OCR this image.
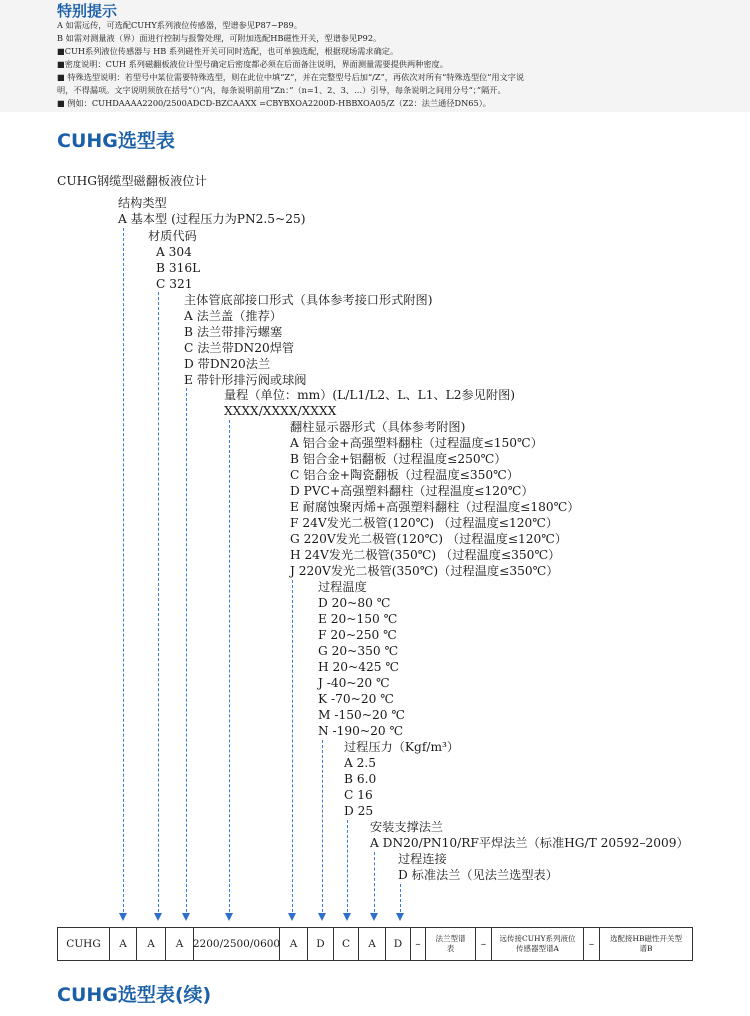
特别提示
A 如需远传，可选配CUHY系列液位传感器，型谱参见P87~P89。
B 如需对测量液（界）面进行控制与报警处理，可附加选配HB磁性开关，型谱参见P92。
■CUH系列液位传感器与 HB 系列磁性开关可同时选配，也可单独选配，根据现场需求确定。
■密度说明：CUH 系列磁翻板液位计型号确定后密度都必须在后面备注说明，界面测量需要提供两种密度。
■ 特殊选型说明：若型号中某位需要特殊选型，则在此位中填“Z”，并在完整型号后加“/Z”，再依次对所有“特殊选型位”用文字说
明，不得漏项。文字说明须放在括号“（）”内，每条说明前用“Zn：”（n=1、2、3、…）引导，每条说明之间用分号“；”隔开。
■ 例如：CUHDAAAA2200/2500ADCD-BZCAAXX =CBYBXOA2200D-HBBXOA05/Z（Z2：法兰通径DN65）。
CUHG选型表
CUHG钢缆型磁翻板液位计
结构类型
A 基本型 (过程压力为PN2.5~25)
材质代码
A 304
B 316L
C 321
主体管底部接口形式（具体参考接口形式附图)
A 法兰盖（推荐）
B 法兰带排污螺塞
C 法兰带DN20焊管
D 带DN20法兰
E 带针形排污阀或球阀
量程（单位：mm）(L/L1/L2、L、L1、L2参见附图)
XXXX/XXXX/XXXX
翻柱显示器形式（具体参考附图)
A 铝合金+高强塑料翻柱（过程温度≤150℃）
B 铝合金+铝翻板（过程温度≤250℃）
C 铝合金+陶瓷翻板（过程温度≤350℃）
D PVC+高强塑料翻柱（过程温度≤120℃）
E 耐腐蚀聚丙烯+高强塑料翻柱（过程温度≤180℃）
F 24V发光二极管(120℃) （过程温度≤120℃）
G 220V发光二极管(120℃) （过程温度≤120℃）
H 24V发光二极管(350℃) （过程温度≤350℃）
J 220V发光二极管(350℃)（过程温度≤350℃）
过程温度
D 20~80 ℃
E 20~150 ℃
F 20~250 ℃
G 20~350 ℃
H 20~425 ℃
J -40~20 ℃
K -70~20 ℃
M -150~20 ℃
N -190~20 ℃
过程压力（Kgf/m³）
A 2.5
B 6.0
C 16
D 25
安装支撑法兰
A DN20/PN10/RF平焊法兰（标准HG/T 20592–2009）
过程连接
D 标准法兰（见法兰选型表）
CUHG	A	A	A 2200/2500/0600 A	D	C	A	D	–	法兰型谱表	–	远传接CUHY系列液位传感器型谱A	–	选配接HB磁性开关型谱B
CUHG选型表(续)
